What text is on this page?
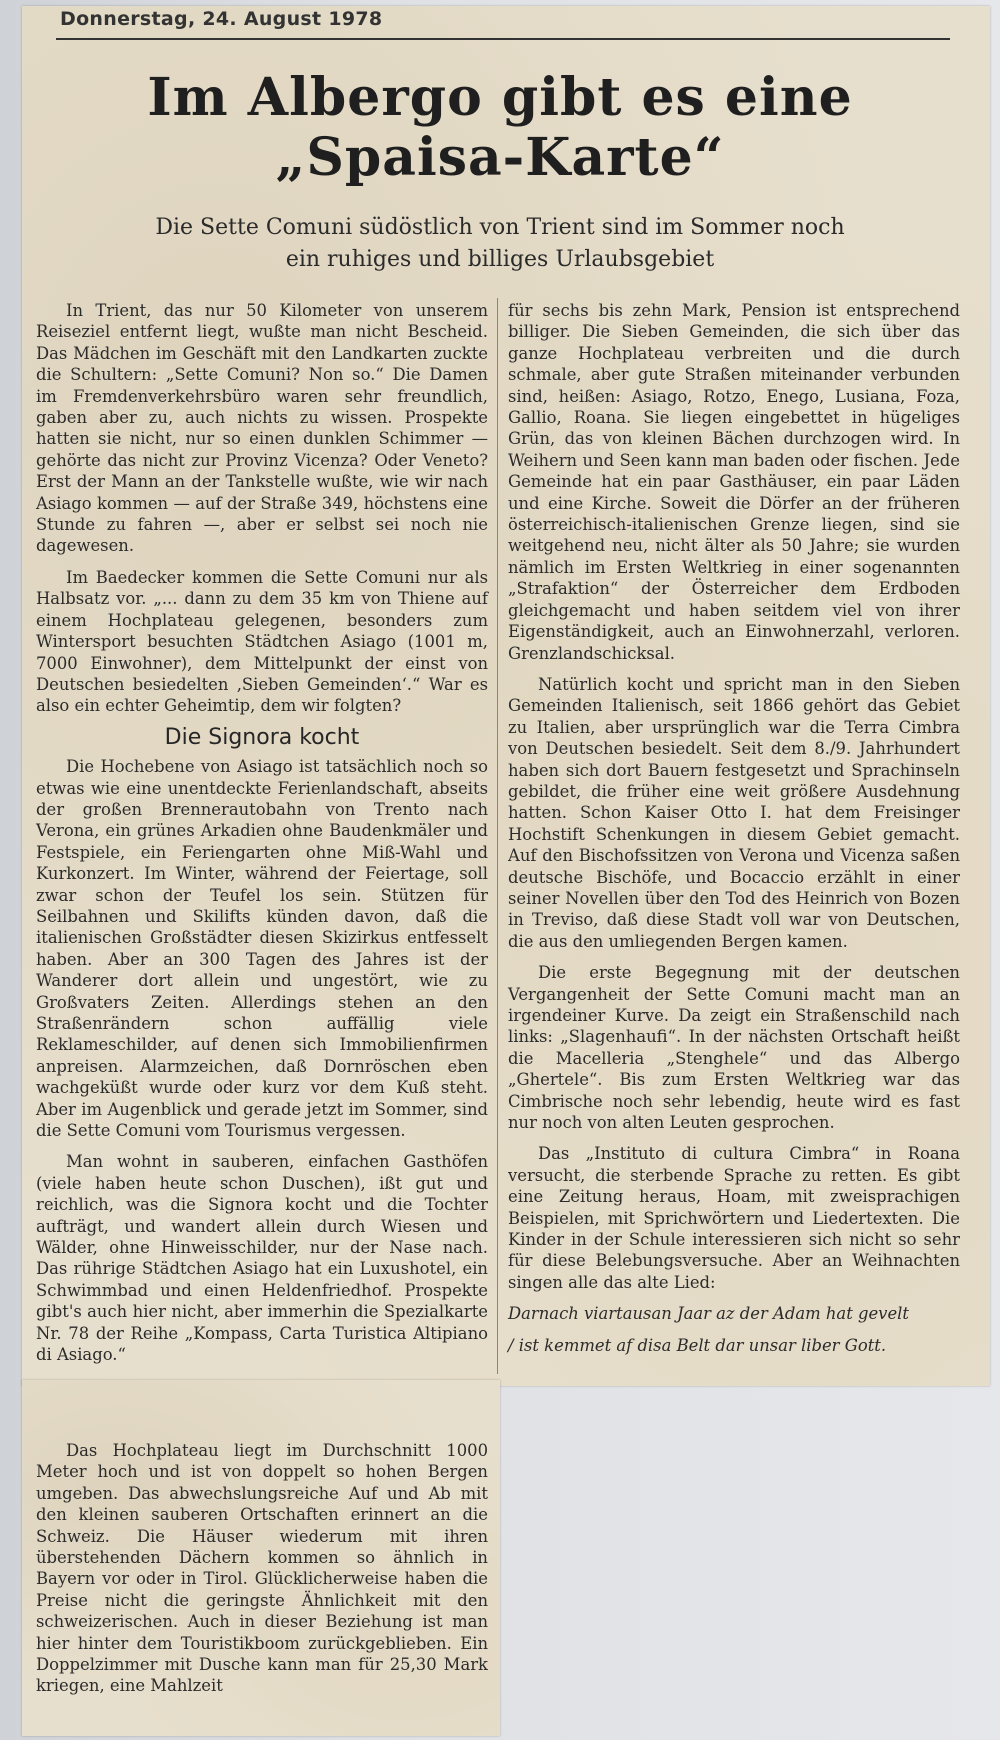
Donnerstag, 24. August 1978
Im Albergo gibt es eine
„Spaisa-Karte“
Die Sette Comuni südöstlich von Trient sind im Sommer noch
ein ruhiges und billiges Urlaubsgebiet

In Trient, das nur 50 Kilometer von unserem Reiseziel entfernt liegt, wußte man nicht Bescheid. Das Mädchen im Geschäft mit den Landkarten zuckte die Schultern: „Sette Comuni? Non so.“ Die Damen im Fremdenverkehrsbüro waren sehr freundlich, gaben aber zu, auch nichts zu wissen. Prospekte hatten sie nicht, nur so einen dunklen Schimmer — gehörte das nicht zur Provinz Vicenza? Oder Veneto? Erst der Mann an der Tankstelle wußte, wie wir nach Asiago kommen — auf der Straße 349, höchstens eine Stunde zu fahren —, aber er selbst sei noch nie dagewesen.

Im Baedecker kommen die Sette Comuni nur als Halbsatz vor. „... dann zu dem 35 km von Thiene auf einem Hochplateau gelegenen, besonders zum Wintersport besuchten Städtchen Asiago (1001 m, 7000 Einwohner), dem Mittelpunkt der einst von Deutschen besiedelten ‚Sieben Gemeinden‘.“ War es also ein echter Geheimtip, dem wir folgten?

Die Signora kocht

Die Hochebene von Asiago ist tatsächlich noch so etwas wie eine unentdeckte Ferienlandschaft, abseits der großen Brennerautobahn von Trento nach Verona, ein grünes Arkadien ohne Baudenkmäler und Festspiele, ein Feriengarten ohne Miß-Wahl und Kurkonzert. Im Winter, während der Feiertage, soll zwar schon der Teufel los sein. Stützen für Seilbahnen und Skilifts künden davon, daß die italienischen Großstädter diesen Skizirkus entfesselt haben. Aber an 300 Tagen des Jahres ist der Wanderer dort allein und ungestört, wie zu Großvaters Zeiten. Allerdings stehen an den Straßenrändern schon auffällig viele Reklameschilder, auf denen sich Immobilienfirmen anpreisen. Alarmzeichen, daß Dornröschen eben wachgeküßt wurde oder kurz vor dem Kuß steht. Aber im Augenblick und gerade jetzt im Sommer, sind die Sette Comuni vom Tourismus vergessen.

Man wohnt in sauberen, einfachen Gasthöfen (viele haben heute schon Duschen), ißt gut und reichlich, was die Signora kocht und die Tochter aufträgt, und wandert allein durch Wiesen und Wälder, ohne Hinweisschilder, nur der Nase nach. Das rührige Städtchen Asiago hat ein Luxushotel, ein Schwimmbad und einen Heldenfriedhof. Prospekte gibt's auch hier nicht, aber immerhin die Spezialkarte Nr. 78 der Reihe „Kompass, Carta Turistica Altipiano di Asiago.“

Das Hochplateau liegt im Durchschnitt 1000 Meter hoch und ist von doppelt so hohen Bergen umgeben. Das abwechslungsreiche Auf und Ab mit den kleinen sauberen Ortschaften erinnert an die Schweiz. Die Häuser wiederum mit ihren überstehenden Dächern kommen so ähnlich in Bayern vor oder in Tirol. Glücklicherweise haben die Preise nicht die geringste Ähnlichkeit mit den schweizerischen. Auch in dieser Beziehung ist man hier hinter dem Touristikboom zurückgeblieben. Ein Doppelzimmer mit Dusche kann man für 25,30 Mark kriegen, eine Mahlzeit

für sechs bis zehn Mark, Pension ist entsprechend billiger. Die Sieben Gemeinden, die sich über das ganze Hochplateau verbreiten und die durch schmale, aber gute Straßen miteinander verbunden sind, heißen: Asiago, Rotzo, Enego, Lusiana, Foza, Gallio, Roana. Sie liegen eingebettet in hügeliges Grün, das von kleinen Bächen durchzogen wird. In Weihern und Seen kann man baden oder fischen. Jede Gemeinde hat ein paar Gasthäuser, ein paar Läden und eine Kirche. Soweit die Dörfer an der früheren österreichisch-italienischen Grenze liegen, sind sie weitgehend neu, nicht älter als 50 Jahre; sie wurden nämlich im Ersten Weltkrieg in einer sogenannten „Strafaktion“ der Österreicher dem Erdboden gleichgemacht und haben seitdem viel von ihrer Eigenständigkeit, auch an Einwohnerzahl, verloren. Grenzlandschicksal.

Natürlich kocht und spricht man in den Sieben Gemeinden Italienisch, seit 1866 gehört das Gebiet zu Italien, aber ursprünglich war die Terra Cimbra von Deutschen besiedelt. Seit dem 8./9. Jahrhundert haben sich dort Bauern festgesetzt und Sprachinseln gebildet, die früher eine weit größere Ausdehnung hatten. Schon Kaiser Otto I. hat dem Freisinger Hochstift Schenkungen in diesem Gebiet gemacht. Auf den Bischofssitzen von Verona und Vicenza saßen deutsche Bischöfe, und Bocaccio erzählt in einer seiner Novellen über den Tod des Heinrich von Bozen in Treviso, daß diese Stadt voll war von Deutschen, die aus den umliegenden Bergen kamen.

Die erste Begegnung mit der deutschen Vergangenheit der Sette Comuni macht man an irgendeiner Kurve. Da zeigt ein Straßenschild nach links: „Slagenhaufi“. In der nächsten Ortschaft heißt die Macelleria „Stenghele“ und das Albergo „Ghertele“. Bis zum Ersten Weltkrieg war das Cimbrische noch sehr lebendig, heute wird es fast nur noch von alten Leuten gesprochen.

Das „Instituto di cultura Cimbra“ in Roana versucht, die sterbende Sprache zu retten. Es gibt eine Zeitung heraus, Hoam, mit zweisprachigen Beispielen, mit Sprichwörtern und Liedertexten. Die Kinder in der Schule interessieren sich nicht so sehr für diese Belebungsversuche. Aber an Weihnachten singen alle das alte Lied:

Darnach viartausan Jaar az der Adam hat gevelt

/ ist kemmet af disa Belt dar unsar liber Gott.
